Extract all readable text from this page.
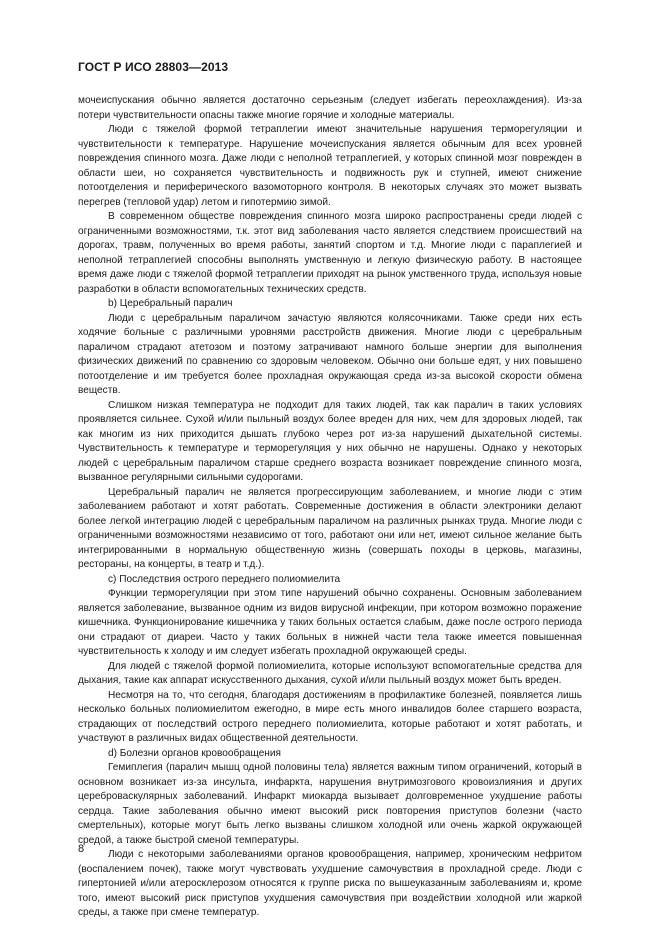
ГОСТ Р ИСО 28803—2013

мочеиспускания обычно является достаточно серьезным (следует избегать переохлаждения). Из-за потери чувствительности опасны также многие горячие и холодные материалы.

Люди с тяжелой формой тетраплегии имеют значительные нарушения терморегуляции и чувствительности к температуре. Нарушение мочеиспускания является обычным для всех уровней повреждения спинного мозга. Даже люди с неполной тетраплегией, у которых спинной мозг поврежден в области шеи, но сохраняется чувствительность и подвижность рук и ступней, имеют снижение потоотделения и периферического вазомоторного контроля. В некоторых случаях это может вызвать перегрев (тепловой удар) летом и гипотермию зимой.

В современном обществе повреждения спинного мозга широко распространены среди людей с ограниченными возможностями, т.к. этот вид заболевания часто является следствием происшествий на дорогах, травм, полученных во время работы, занятий спортом и т.д. Многие люди с параплегией и неполной тетраплегией способны выполнять умственную и легкую физическую работу. В настоящее время даже люди с тяжелой формой тетраплегии приходят на рынок умственного труда, используя новые разработки в области вспомогательных технических средств.

b) Церебральный паралич

Люди с церебральным параличом зачастую являются колясочниками. Также среди них есть ходячие больные с различными уровнями расстройств движения. Многие люди с церебральным параличом страдают атетозом и поэтому затрачивают намного больше энергии для выполнения физических движений по сравнению со здоровым человеком. Обычно они больше едят, у них повышено потоотделение и им требуется более прохладная окружающая среда из-за высокой скорости обмена веществ.

Слишком низкая температура не подходит для таких людей, так как паралич в таких условиях проявляется сильнее. Сухой и/или пыльный воздух более вреден для них, чем для здоровых людей, так как многим из них приходится дышать глубоко через рот из-за нарушений дыхательной системы. Чувствительность к температуре и терморегуляция у них обычно не нарушены. Однако у некоторых людей с церебральным параличом старше среднего возраста возникает повреждение спинного мозга, вызванное регулярными сильными судорогами.

Церебральный паралич не является прогрессирующим заболеванием, и многие люди с этим заболеванием работают и хотят работать. Современные достижения в области электроники делают более легкой интеграцию людей с церебральным параличом на различных рынках труда. Многие люди с ограниченными возможностями независимо от того, работают они или нет, имеют сильное желание быть интегрированными в нормальную общественную жизнь (совершать походы в церковь, магазины, рестораны, на концерты, в театр и т.д.).

c) Последствия острого переднего полиомиелита

Функции терморегуляции при этом типе нарушений обычно сохранены. Основным заболеванием является заболевание, вызванное одним из видов вирусной инфекции, при котором возможно поражение кишечника. Функционирование кишечника у таких больных остается слабым, даже после острого периода они страдают от диареи. Часто у таких больных в нижней части тела также имеется повышенная чувствительность к холоду и им следует избегать прохладной окружающей среды.

Для людей с тяжелой формой полиомиелита, которые используют вспомогательные средства для дыхания, такие как аппарат искусственного дыхания, сухой и/или пыльный воздух может быть вреден.

Несмотря на то, что сегодня, благодаря достижениям в профилактике болезней, появляется лишь несколько больных полиомиелитом ежегодно, в мире есть много инвалидов более старшего возраста, страдающих от последствий острого переднего полиомиелита, которые работают и хотят работать, и участвуют в различных видах общественной деятельности.

d) Болезни органов кровообращения

Гемиплегия (паралич мышц одной половины тела) является важным типом ограничений, который в основном возникает из-за инсульта, инфаркта, нарушения внутримозгового кровоизлияния и других цереброваскулярных заболеваний. Инфаркт миокарда вызывает долговременное ухудшение работы сердца. Такие заболевания обычно имеют высокий риск повторения приступов болезни (часто смертельных), которые могут быть легко вызваны слишком холодной или очень жаркой окружающей средой, а также быстрой сменой температуры.

Люди с некоторыми заболеваниями органов кровообращения, например, хроническим нефритом (воспалением почек), также могут чувствовать ухудшение самочувствия в прохладной среде. Люди с гипертонией и/или атеросклерозом относятся к группе риска по вышеуказанным заболеваниям и, кроме того, имеют высокий риск приступов ухудшения самочувствия при воздействии холодной или жаркой среды, а также при смене температур.

8
